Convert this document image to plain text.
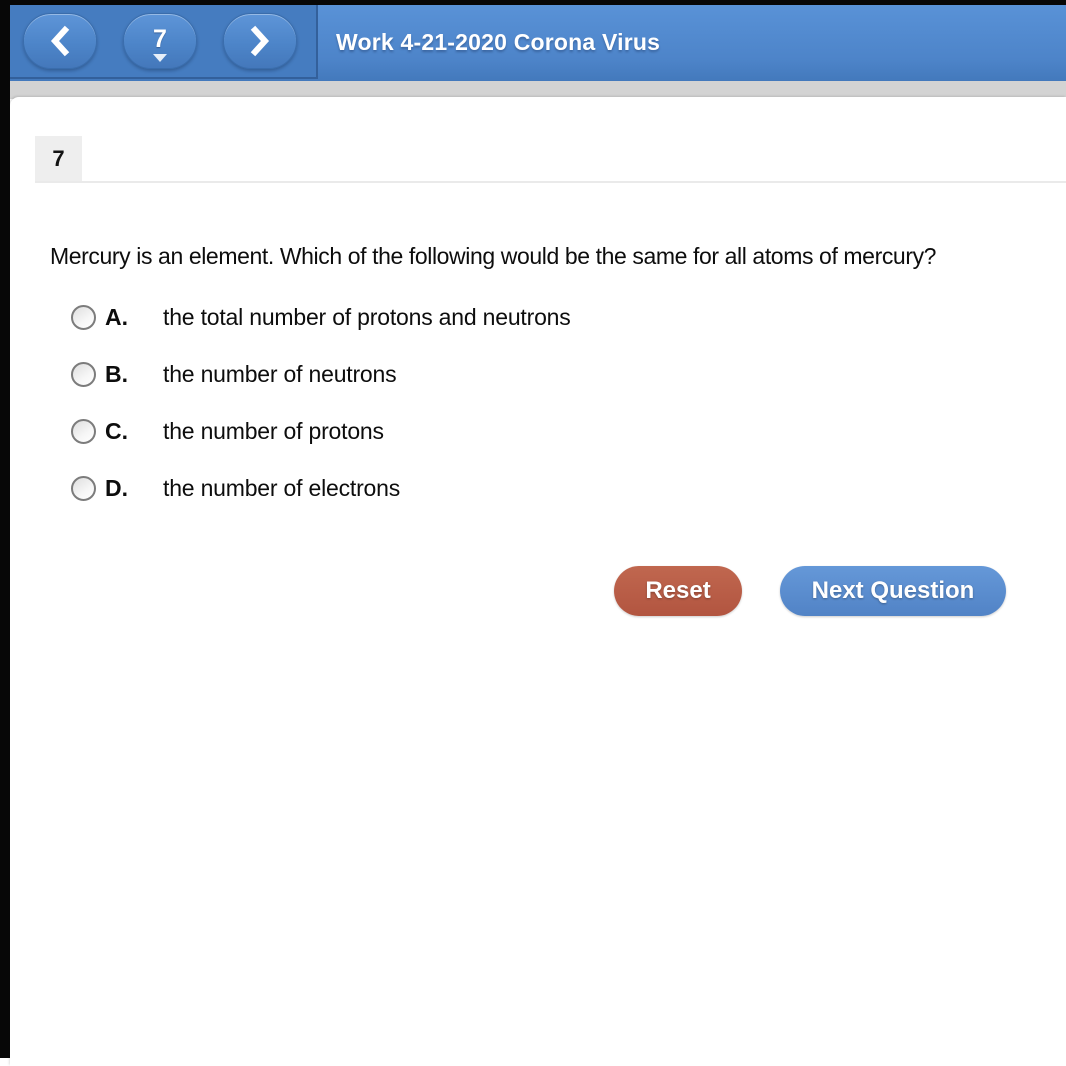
7	Work 4-21-2020 Corona Virus
7
Mercury is an element. Which of the following would be the same for all atoms of mercury?
A.	the total number of protons and neutrons
B.	the number of neutrons
C.	the number of protons
D.	the number of electrons
Reset	Next Question
